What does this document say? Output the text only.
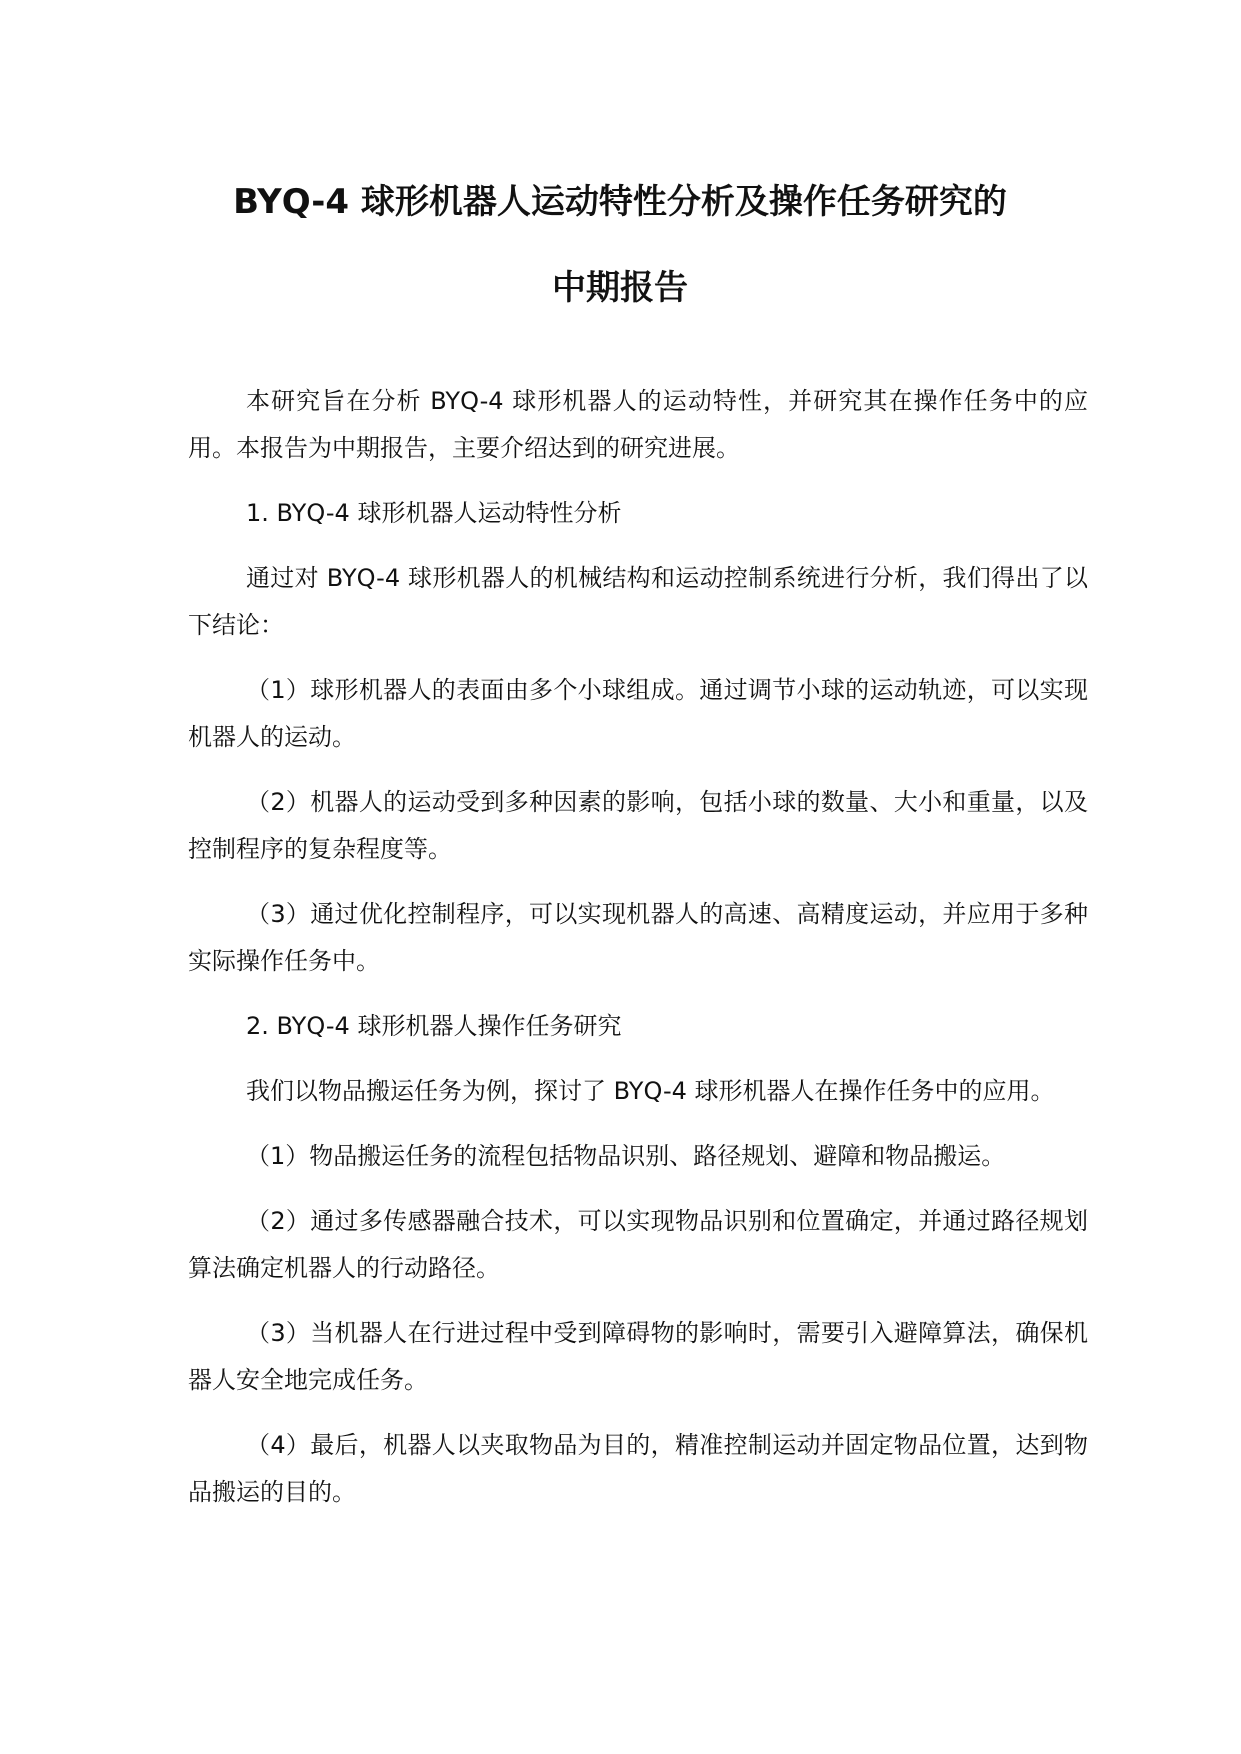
BYQ-4 球形机器人运动特性分析及操作任务研究的
中期报告

本研究旨在分析 BYQ-4 球形机器人的运动特性，并研究其在操作任务中的应用。本报告为中期报告，主要介绍达到的研究进展。

1. BYQ-4 球形机器人运动特性分析

通过对 BYQ-4 球形机器人的机械结构和运动控制系统进行分析，我们得出了以下结论：

（1）球形机器人的表面由多个小球组成。通过调节小球的运动轨迹，可以实现机器人的运动。

（2）机器人的运动受到多种因素的影响，包括小球的数量、大小和重量，以及控制程序的复杂程度等。

（3）通过优化控制程序，可以实现机器人的高速、高精度运动，并应用于多种实际操作任务中。

2. BYQ-4 球形机器人操作任务研究

我们以物品搬运任务为例，探讨了 BYQ-4 球形机器人在操作任务中的应用。

（1）物品搬运任务的流程包括物品识别、路径规划、避障和物品搬运。

（2）通过多传感器融合技术，可以实现物品识别和位置确定，并通过路径规划算法确定机器人的行动路径。

（3）当机器人在行进过程中受到障碍物的影响时，需要引入避障算法，确保机器人安全地完成任务。

（4）最后，机器人以夹取物品为目的，精准控制运动并固定物品位置，达到物品搬运的目的。
